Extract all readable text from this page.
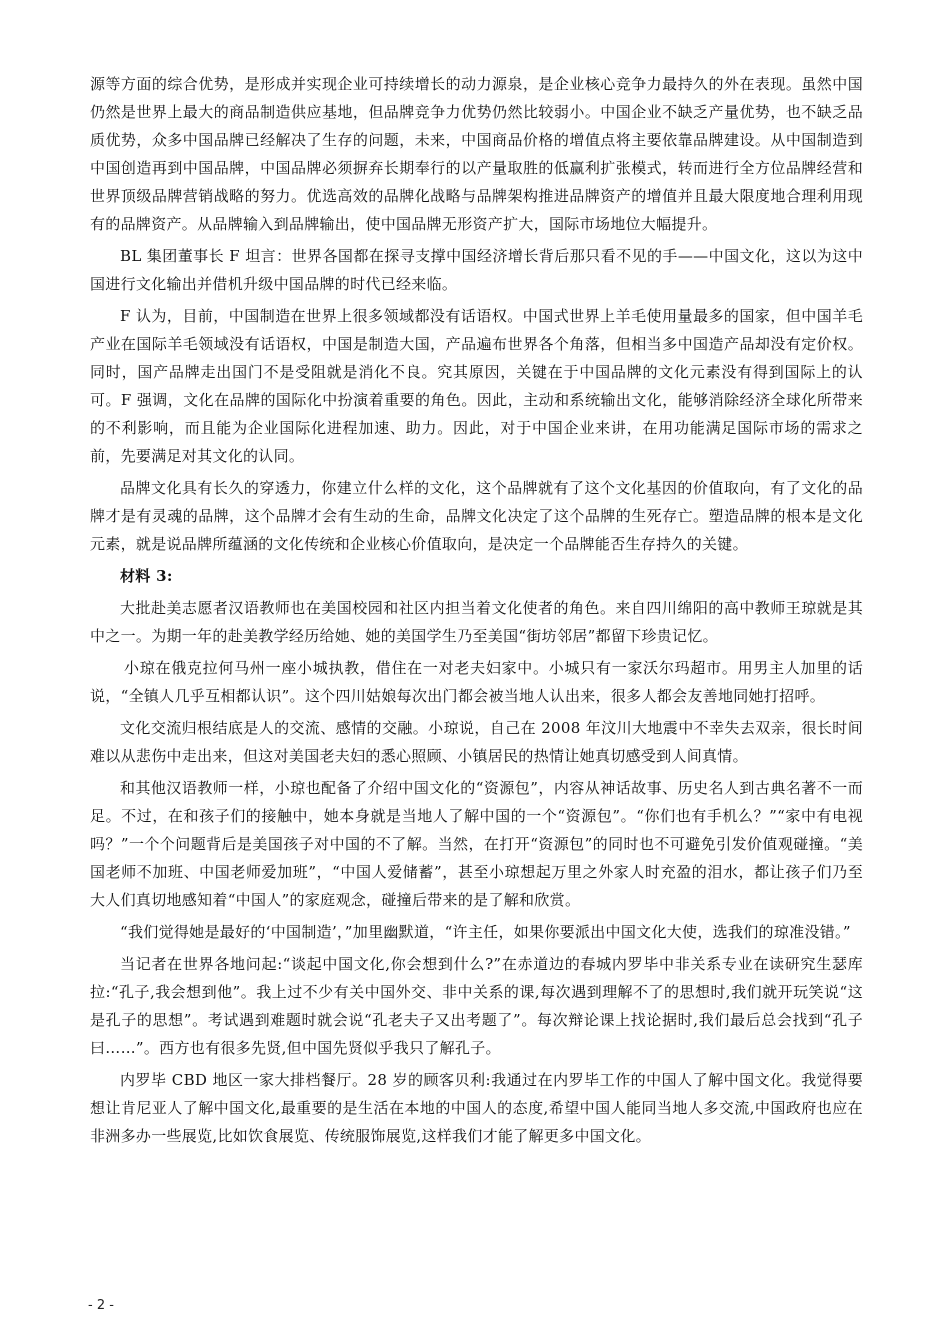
源等方面的综合优势，是形成并实现企业可持续增长的动力源泉，是企业核心竞争力最持久的外在表现。虽然中国仍然是世界上最大的商品制造供应基地，但品牌竞争力优势仍然比较弱小。中国企业不缺乏产量优势，也不缺乏品质优势，众多中国品牌已经解决了生存的问题，未来，中国商品价格的增值点将主要依靠品牌建设。从中国制造到中国创造再到中国品牌，中国品牌必须摒弃长期奉行的以产量取胜的低赢利扩张模式，转而进行全方位品牌经营和世界顶级品牌营销战略的努力。优选高效的品牌化战略与品牌架构推进品牌资产的增值并且最大限度地合理利用现有的品牌资产。从品牌输入到品牌输出，使中国品牌无形资产扩大，国际市场地位大幅提升。

BL 集团董事长 F 坦言：世界各国都在探寻支撑中国经济增长背后那只看不见的手——中国文化，这以为这中国进行文化输出并借机升级中国品牌的时代已经来临。

F 认为，目前，中国制造在世界上很多领域都没有话语权。中国式世界上羊毛使用量最多的国家，但中国羊毛产业在国际羊毛领域没有话语权，中国是制造大国，产品遍布世界各个角落，但相当多中国造产品却没有定价权。同时，国产品牌走出国门不是受阻就是消化不良。究其原因，关键在于中国品牌的文化元素没有得到国际上的认可。F 强调，文化在品牌的国际化中扮演着重要的角色。因此，主动和系统输出文化，能够消除经济全球化所带来的不利影响，而且能为企业国际化进程加速、助力。因此，对于中国企业来讲，在用功能满足国际市场的需求之前，先要满足对其文化的认同。

品牌文化具有长久的穿透力，你建立什么样的文化，这个品牌就有了这个文化基因的价值取向，有了文化的品牌才是有灵魂的品牌，这个品牌才会有生动的生命，品牌文化决定了这个品牌的生死存亡。塑造品牌的根本是文化元素，就是说品牌所蕴涵的文化传统和企业核心价值取向，是决定一个品牌能否生存持久的关键。

材料 3:

大批赴美志愿者汉语教师也在美国校园和社区内担当着文化使者的角色。来自四川绵阳的高中教师王琼就是其中之一。为期一年的赴美教学经历给她、她的美国学生乃至美国“街坊邻居”都留下珍贵记忆。

小琼在俄克拉何马州一座小城执教，借住在一对老夫妇家中。小城只有一家沃尔玛超市。用男主人加里的话说，“全镇人几乎互相都认识”。这个四川姑娘每次出门都会被当地人认出来，很多人都会友善地同她打招呼。

文化交流归根结底是人的交流、感情的交融。小琼说，自己在 2008 年汶川大地震中不幸失去双亲，很长时间难以从悲伤中走出来，但这对美国老夫妇的悉心照顾、小镇居民的热情让她真切感受到人间真情。

和其他汉语教师一样，小琼也配备了介绍中国文化的“资源包”，内容从神话故事、历史名人到古典名著不一而足。不过，在和孩子们的接触中，她本身就是当地人了解中国的一个“资源包”。“你们也有手机么？”“家中有电视吗？”一个个问题背后是美国孩子对中国的不了解。当然，在打开“资源包”的同时也不可避免引发价值观碰撞。“美国老师不加班、中国老师爱加班”，“中国人爱储蓄”，甚至小琼想起万里之外家人时充盈的泪水，都让孩子们乃至大人们真切地感知着“中国人”的家庭观念，碰撞后带来的是了解和欣赏。

“我们觉得她是最好的‘中国制造’，”加里幽默道，“许主任，如果你要派出中国文化大使，选我们的琼准没错。”

当记者在世界各地问起:“谈起中国文化,你会想到什么?”在赤道边的春城内罗毕中非关系专业在读研究生瑟库拉:“孔子,我会想到他”。我上过不少有关中国外交、非中关系的课,每次遇到理解不了的思想时,我们就开玩笑说“这是孔子的思想”。考试遇到难题时就会说“孔老夫子又出考题了”。每次辩论课上找论据时,我们最后总会找到“孔子曰……”。西方也有很多先贤,但中国先贤似乎我只了解孔子。

内罗毕 CBD 地区一家大排档餐厅。28 岁的顾客贝利:我通过在内罗毕工作的中国人了解中国文化。我觉得要想让肯尼亚人了解中国文化,最重要的是生活在本地的中国人的态度,希望中国人能同当地人多交流,中国政府也应在非洲多办一些展览,比如饮食展览、传统服饰展览,这样我们才能了解更多中国文化。

- 2 -
